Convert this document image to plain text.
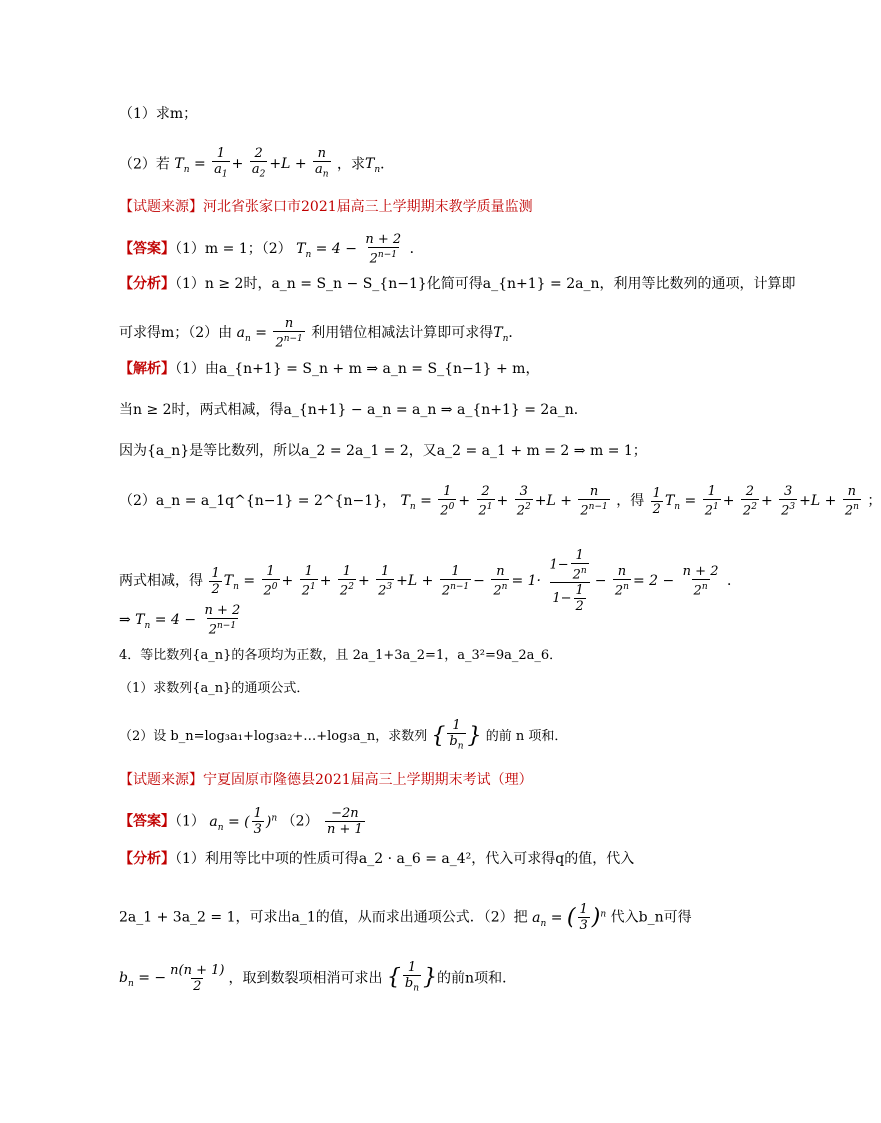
（1）求m；
（2）若 $T_n = \frac{1}{a_1} + \frac{2}{a_2} +L + \frac{n}{a_n}$ ，求$T_n$．
【试题来源】河北省张家口市2021届高三上学期期末教学质量监测
【答案】（1）m = 1；（2） $T_n = 4 - \frac{n + 2}{2^{n-1}}$ ．
【分析】（1）n ≥ 2时，a_n = S_n − S_{n−1}化简可得a_{n+1} = 2a_n，利用等比数列的通项，计算即
可求得m；（2）由 $a_n = \frac{n}{2^{n-1}}$ 利用错位相减法计算即可求得$T_n$．
【解析】（1）由a_{n+1} = S_n + m ⇒ a_n = S_{n−1} + m，
当n ≥ 2时，两式相减，得a_{n+1} − a_n = a_n ⇒ a_{n+1} = 2a_n．
因为{a_n}是等比数列，所以a_2 = 2a_1 = 2，又a_2 = a_1 + m = 2 ⇒ m = 1；
（2）a_n = a_1q^{n−1} = 2^{n−1}， $T_n = \frac{1}{2^0} + \frac{2}{2^1} + \frac{3}{2^2} +L + \frac{n}{2^{n-1}}$ ，得 $\frac{1}{2} T_n = \frac{1}{2^1} + \frac{2}{2^2} + \frac{3}{2^3} +L + \frac{n}{2^n}$ ；
两式相减，得 $\frac{1}{2} T_n = \frac{1}{2^0} + \frac{1}{2^1} + \frac{1}{2^2} + \frac{1}{2^3} +L + \frac{1}{2^{n-1}} - \frac{n}{2^n} = 1\cdot \frac{1- \frac{1}{2^n}}{1- \frac{1}{2}} - \frac{n}{2^n} = 2 - \frac{n + 2}{2^n}$ ．
⇒ $T_n = 4 - \frac{n + 2}{2^{n-1}}$
4．等比数列{a_n}的各项均为正数，且 2a_1+3a_2=1，a_3²=9a_2a_6．
（1）求数列{a_n}的通项公式．
（2）设 b_n=log₃a₁+log₃a₂+…+log₃a_n，求数列 { $\frac{1}{b_n}$ } 的前 n 项和．
【试题来源】宁夏固原市隆德县2021届高三上学期期末考试（理）
【答案】（1） $a_n$ = ( $\frac{1}{3} )^n$ $(2) \frac{-2n}{n + 1}$
【分析】（1）利用等比中项的性质可得a_2 · a_6 = a_4²，代入可求得q的值，代入
2a_1 + 3a_2 = 1，可求出a_1的值，从而求出通项公式．（2）把 $a_n$ = ( $\frac{1}{3} )^n$ 代入b_n可得
$b_n$ = − $\frac{n(n + 1)}{2}$ ，取到数裂项相消可求出 { $\frac{1}{b_n}$ }的前n项和．
